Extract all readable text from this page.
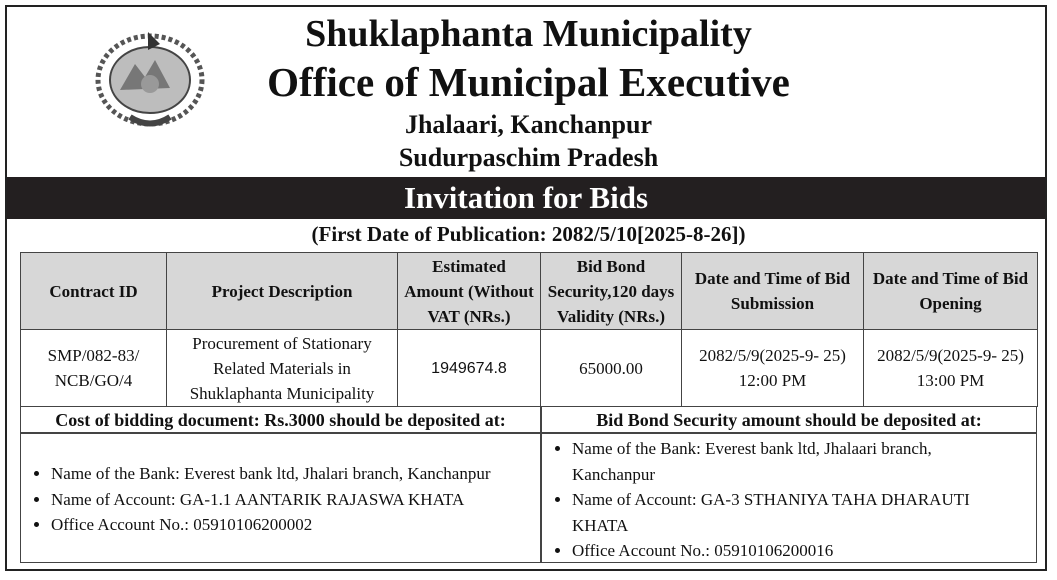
Shuklaphanta Municipality
Office of Municipal Executive
Jhalaari, Kanchanpur
Sudurpaschim Pradesh
Invitation for Bids
(First Date of Publication: 2082/5/10[2025-8-26])
Contract ID	Project Description	Estimated Amount (Without VAT (NRs.)	Bid Bond Security,120 days Validity (NRs.)	Date and Time of Bid Submission	Date and Time of Bid Opening
SMP/082-83/ NCB/GO/4	Procurement of Stationary Related Materials in Shuklaphanta Municipality	1949674.8	65000.00	2082/5/9(2025-9- 25) 12:00 PM	2082/5/9(2025-9- 25) 13:00 PM
Cost of bidding document: Rs.3000 should be deposited at:	Bid Bond Security amount should be deposited at:
• Name of the Bank: Everest bank ltd, Jhalari branch, Kanchanpur
• Name of Account: GA-1.1 AANTARIK RAJASWA KHATA
• Office Account No.: 05910106200002
• Name of the Bank: Everest bank ltd, Jhalaari branch, Kanchanpur
• Name of Account: GA-3 STHANIYA TAHA DHARAUTI KHATA
• Office Account No.: 05910106200016
